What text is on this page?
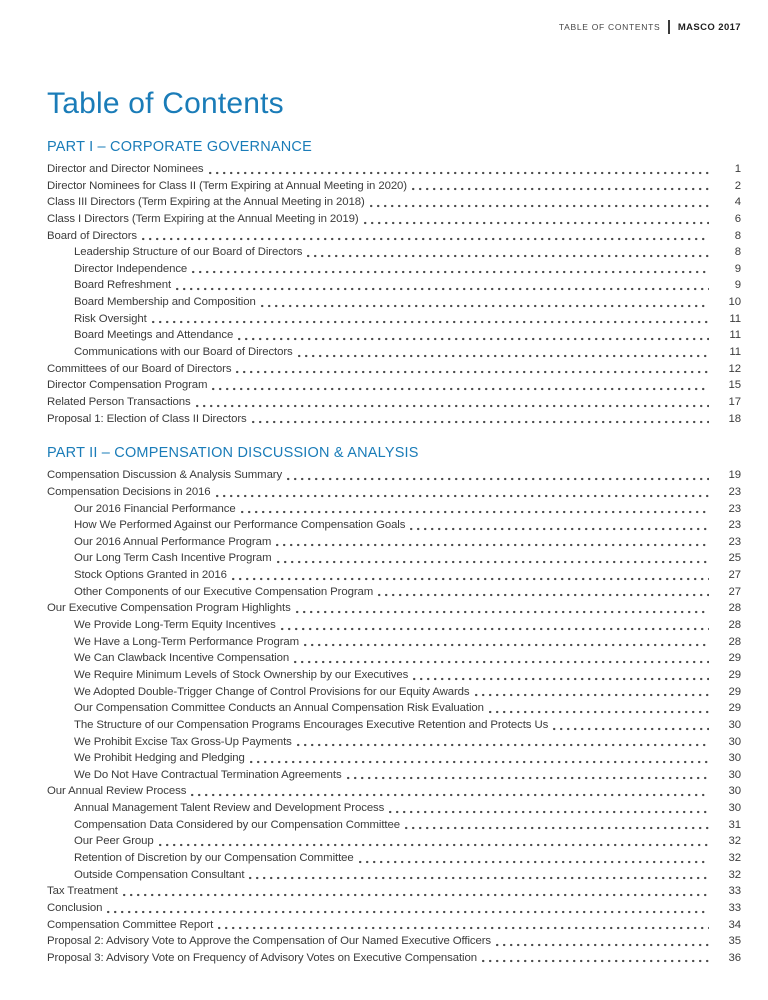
TABLE OF CONTENTS MASCO 2017
Table of Contents
PART I – CORPORATE GOVERNANCE
Director and Director Nominees	1
Director Nominees for Class II (Term Expiring at Annual Meeting in 2020)	2
Class III Directors (Term Expiring at the Annual Meeting in 2018)	4
Class I Directors (Term Expiring at the Annual Meeting in 2019)	6
Board of Directors	8
Leadership Structure of our Board of Directors	8
Director Independence	9
Board Refreshment	9
Board Membership and Composition	10
Risk Oversight	11
Board Meetings and Attendance	11
Communications with our Board of Directors	11
Committees of our Board of Directors	12
Director Compensation Program	15
Related Person Transactions	17
Proposal 1: Election of Class II Directors	18
PART II – COMPENSATION DISCUSSION & ANALYSIS
Compensation Discussion & Analysis Summary	19
Compensation Decisions in 2016	23
Our 2016 Financial Performance	23
How We Performed Against our Performance Compensation Goals	23
Our 2016 Annual Performance Program	23
Our Long Term Cash Incentive Program	25
Stock Options Granted in 2016	27
Other Components of our Executive Compensation Program	27
Our Executive Compensation Program Highlights	28
We Provide Long-Term Equity Incentives	28
We Have a Long-Term Performance Program	28
We Can Clawback Incentive Compensation	29
We Require Minimum Levels of Stock Ownership by our Executives	29
We Adopted Double-Trigger Change of Control Provisions for our Equity Awards	29
Our Compensation Committee Conducts an Annual Compensation Risk Evaluation	29
The Structure of our Compensation Programs Encourages Executive Retention and Protects Us	30
We Prohibit Excise Tax Gross-Up Payments	30
We Prohibit Hedging and Pledging	30
We Do Not Have Contractual Termination Agreements	30
Our Annual Review Process	30
Annual Management Talent Review and Development Process	30
Compensation Data Considered by our Compensation Committee	31
Our Peer Group	32
Retention of Discretion by our Compensation Committee	32
Outside Compensation Consultant	32
Tax Treatment	33
Conclusion	33
Compensation Committee Report	34
Proposal 2: Advisory Vote to Approve the Compensation of Our Named Executive Officers	35
Proposal 3: Advisory Vote on Frequency of Advisory Votes on Executive Compensation	36
